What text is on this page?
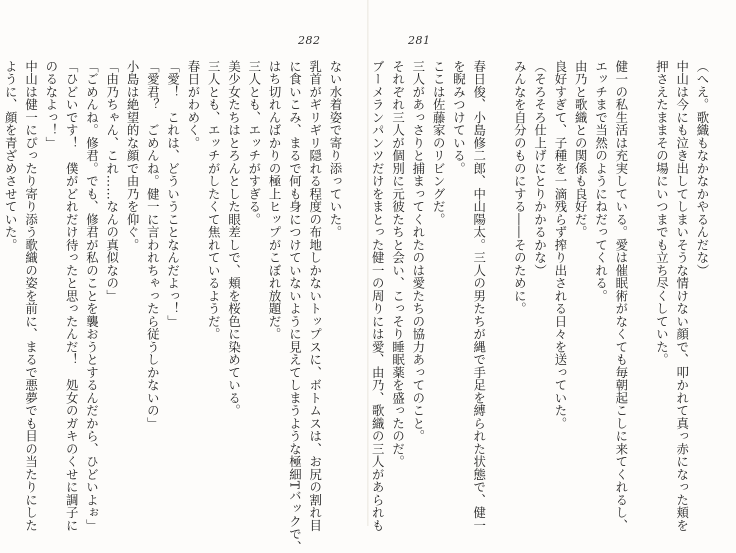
282	281
ない水着姿で寄り添っていた。
乳首がギリギリ隠れる程度の布地しかないトップスに、ボトムスは、お尻の割れ目
に食いこみ、まるで何も身につけていないように見えてしまうような極細Tバックで、
はち切れんばかりの極上ヒップがこぼれ放題だ。
三人とも、エッチがすぎる。
美少女たちはとろんとした眼差しで、頬を桜色に染めている。
三人とも、エッチがしたくて焦れているようだ。
春日がわめく。
「愛！　これは、どういうことなんだよっ！」
「愛君？　ごめんね。健一に言われちゃったら従うしかないの」
小島は絶望的な顔で由乃を仰ぐ。
「由乃ちゃん、これ……なんの真似なの」
「ごめんね。修君。でも、修君が私のことを襲おうとするんだから、ひどいよぉ」
「ひどいです！　僕がどれだけ待ったと思ったんだ！　処女のガキのくせに調子に
のるなよっ！」
中山は健一にぴったり寄り添う歌織の姿を前に、まるで悪夢でも目の当たりにした
ように、顔を青ざめさせていた。	（へえ。歌織もなかなかやるんだな）
中山は今にも泣き出してしまいそうな情けない顔で、叩かれて真っ赤になった頬を
押さえたままその場にいつまでも立ち尽くしていた。
健一の私生活は充実している。愛は催眠術がなくても毎朝起こしに来てくれるし、
エッチまで当然のようにねだってくれる。
由乃と歌織との関係も良好だ。
良好すぎて、子種を一滴残らず搾り出される日々を送っていた。
（そろそろ仕上げにとりかかるかな）
みんなを自分のものにする――そのために。
春日俊、小島修二郎、中山陽太。三人の男たちが縄で手足を縛られた状態で、健一
を睨みつけている。
ここは佐藤家のリビングだ。
三人があっさりと捕まってくれたのは愛たちの協力あってのこと。
それぞれ三人が個別に元彼たちと会い、こっそり睡眠薬を盛ったのだ。
ブーメランパンツだけをまとった健一の周りには愛、由乃、歌織の三人があられも
